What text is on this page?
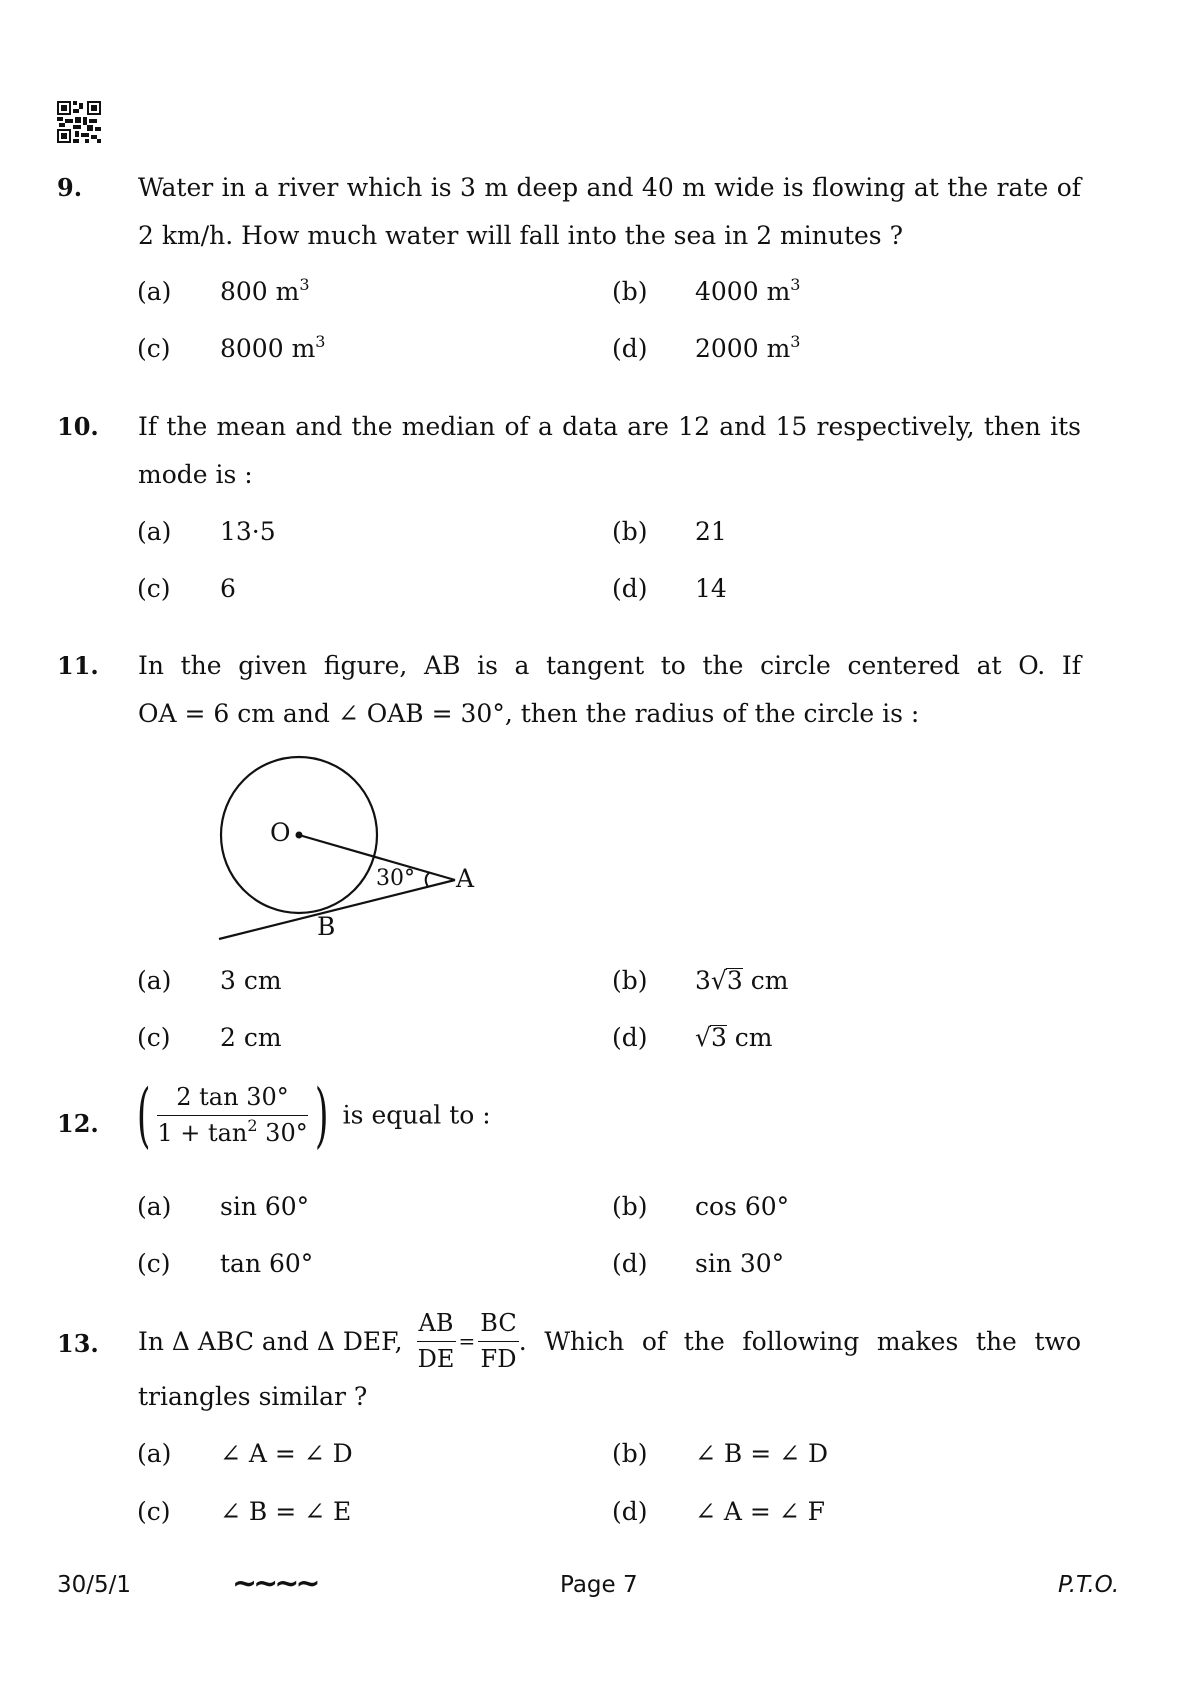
9. Water in a river which is 3 m deep and 40 m wide is flowing at the rate of
2 km/h. How much water will fall into the sea in 2 minutes ?
(a) 800 $m^3$	(b) 4000 $m^3$
(c) 8000 $m^3$	(d) 2000 $m^3$
10. If the mean and the median of a data are 12 and 15 respectively, then its
mode is :
(a) 13·5	(b) 21
(c) 6	(d) 14
11. In the given figure, AB is a tangent to the circle centered at O. If
OA = 6 cm and ∠ OAB = 30°, then the radius of the circle is :
O
A
B
30°
(a) 3 cm	(b) 3√3 cm
(c) 2 cm	(d) √3 cm
12. ( $\frac{2 \tan 30^\circ}{1 + \tan^2 30^\circ}$ ) is equal to :
(a) sin 60°	(b) cos 60°
(c) tan 60°	(d) sin 30°
13. In Δ ABC and Δ DEF, $\frac{AB}{DE} = \frac{BC}{FD}$ . Which of the following makes the two
triangles similar ?
(a) ∠ A = ∠ D	(b) ∠ B = ∠ D
(c) ∠ B = ∠ E	(d) ∠ A = ∠ F
30/5/1	∼∼∼∼	Page 7	P.T.O.
